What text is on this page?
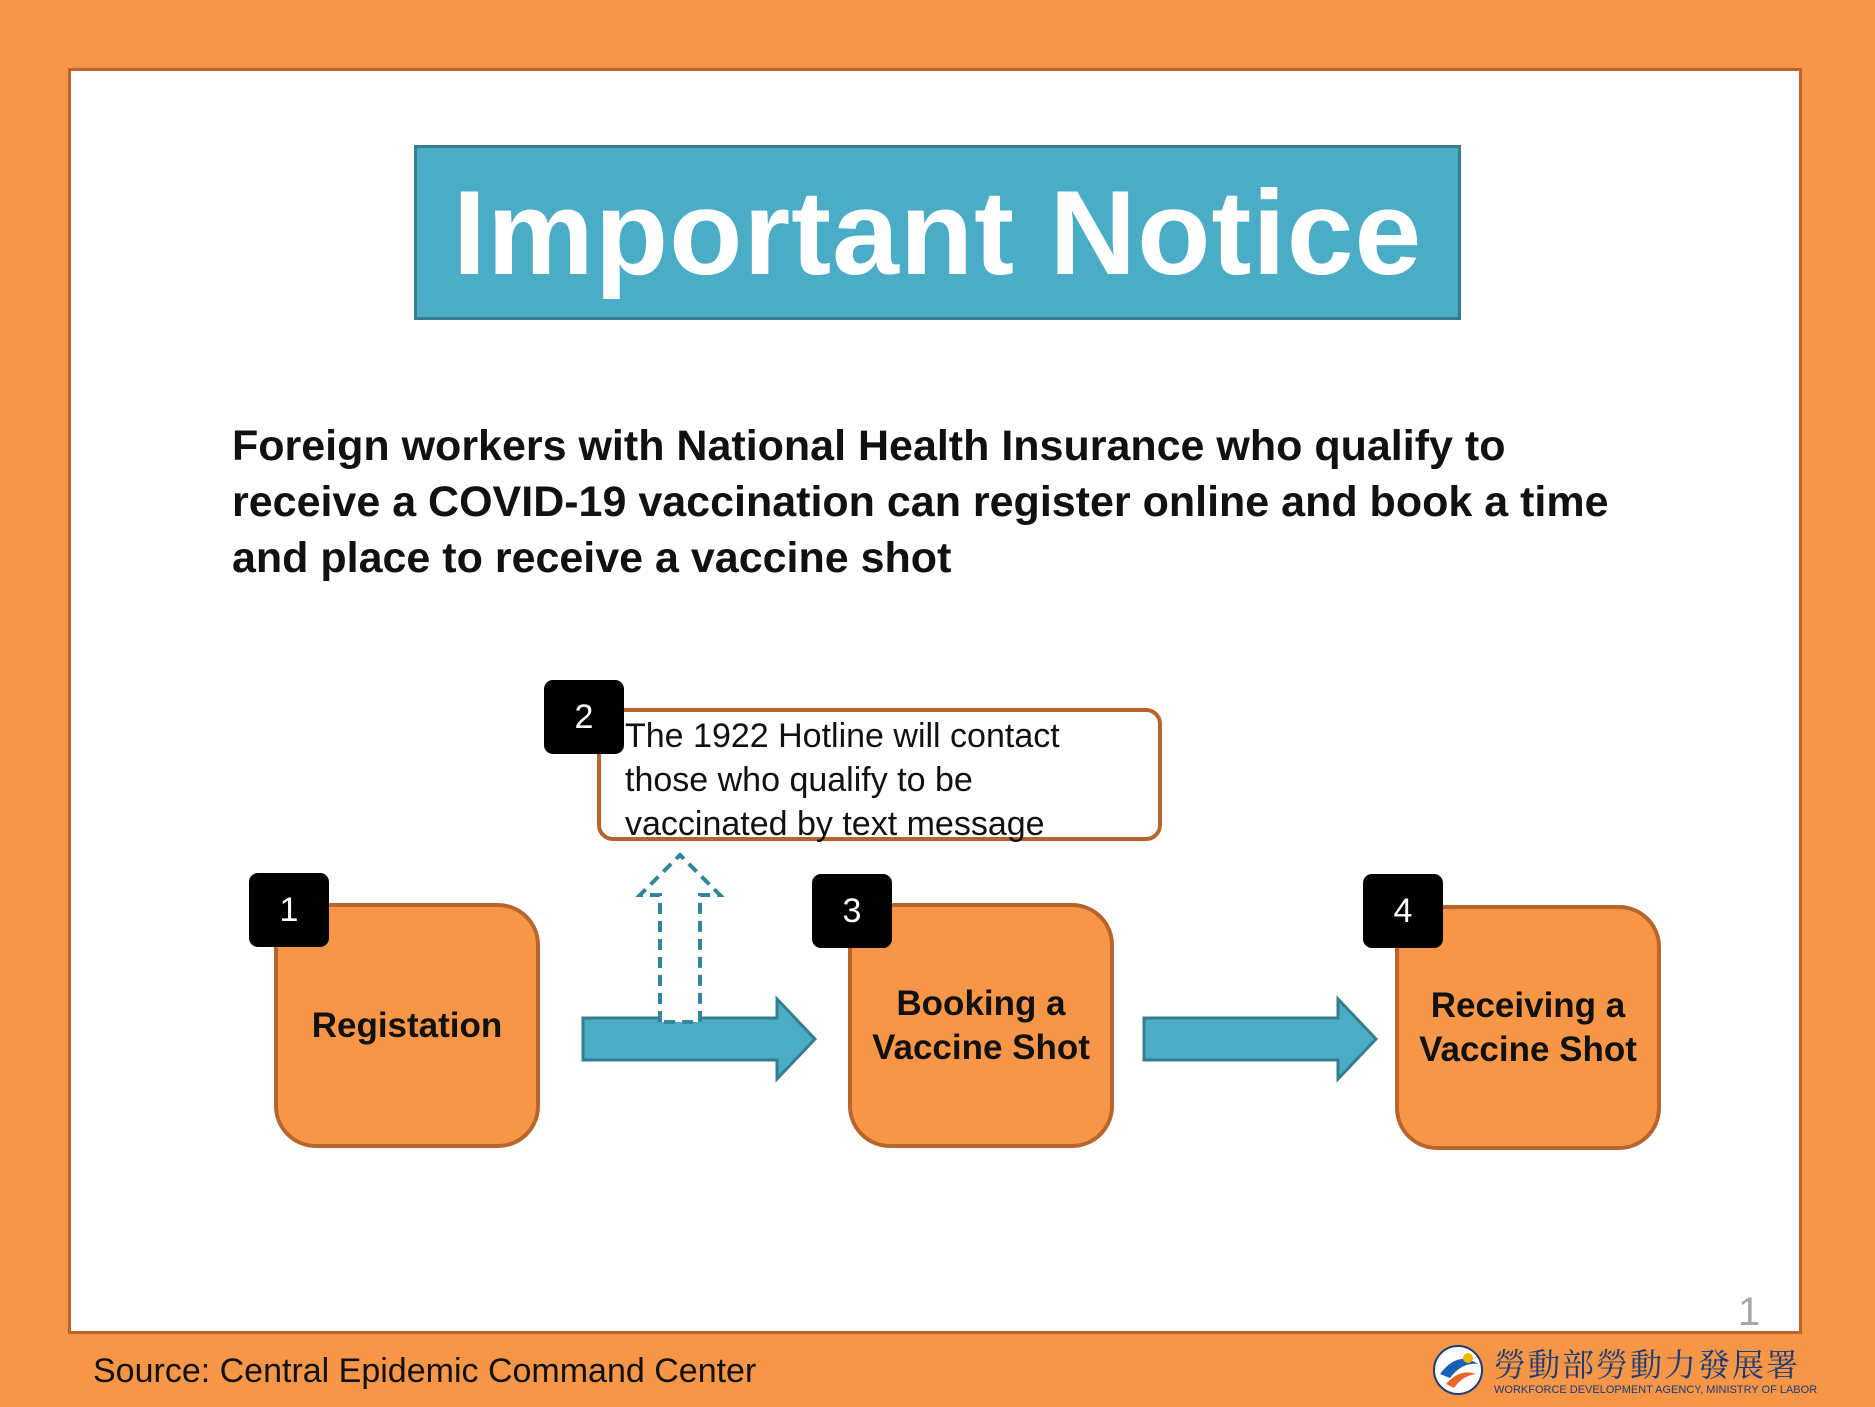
Important Notice
Foreign workers with National Health Insurance who qualify to receive a COVID-19 vaccination can register online and book a time and place to receive a vaccine shot
Registation
1
The 1922 Hotline will contact those who qualify to be vaccinated by text message
2
Booking a Vaccine Shot
3
Receiving a Vaccine Shot
4
1
Source: Central Epidemic Command Center	勞動部勞動力發展署
WORKFORCE DEVELOPMENT AGENCY, MINISTRY OF LABOR
